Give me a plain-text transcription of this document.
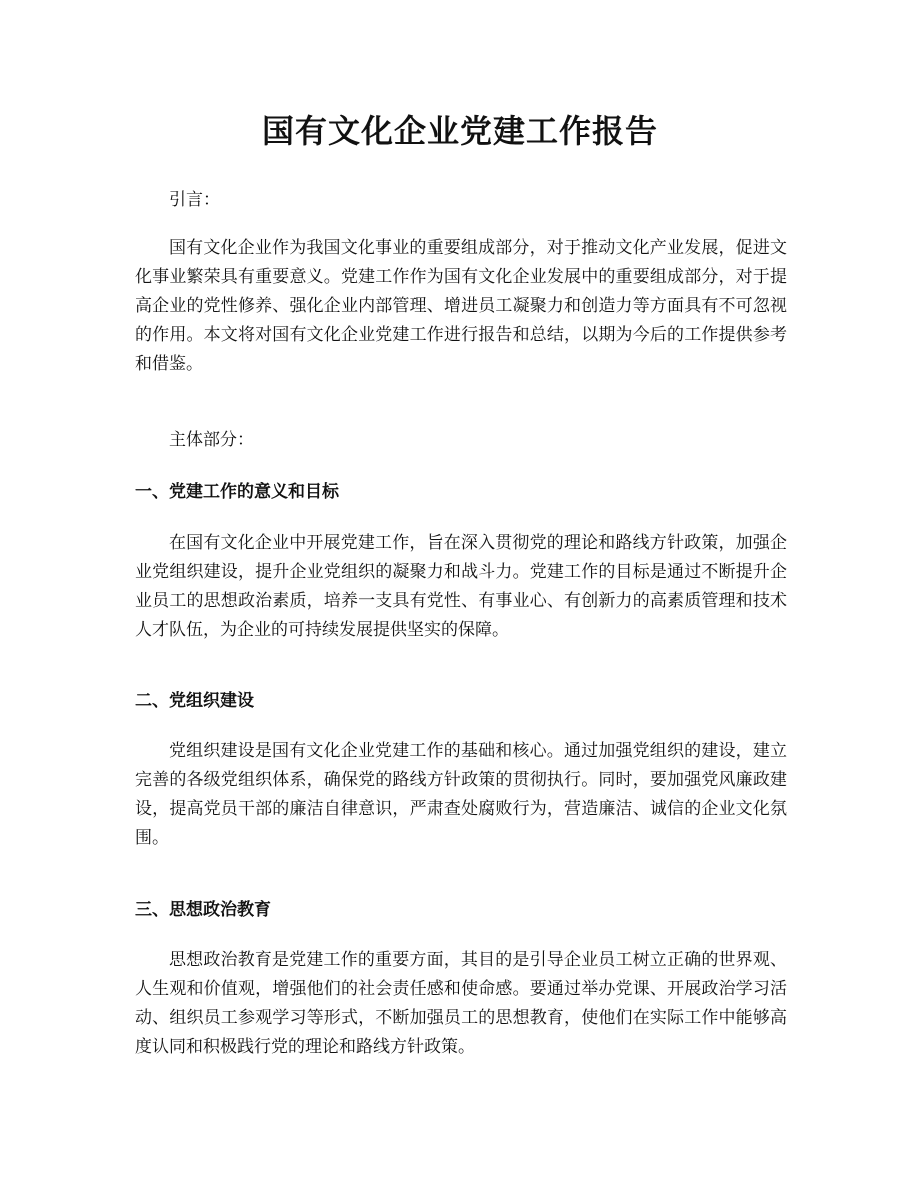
国有文化企业党建工作报告

引言：

国有文化企业作为我国文化事业的重要组成部分，对于推动文化产业发展，促进文化事业繁荣具有重要意义。党建工作作为国有文化企业发展中的重要组成部分，对于提高企业的党性修养、强化企业内部管理、增进员工凝聚力和创造力等方面具有不可忽视的作用。本文将对国有文化企业党建工作进行报告和总结，以期为今后的工作提供参考和借鉴。

主体部分：

一、党建工作的意义和目标

在国有文化企业中开展党建工作，旨在深入贯彻党的理论和路线方针政策，加强企业党组织建设，提升企业党组织的凝聚力和战斗力。党建工作的目标是通过不断提升企业员工的思想政治素质，培养一支具有党性、有事业心、有创新力的高素质管理和技术人才队伍，为企业的可持续发展提供坚实的保障。

二、党组织建设

党组织建设是国有文化企业党建工作的基础和核心。通过加强党组织的建设，建立完善的各级党组织体系，确保党的路线方针政策的贯彻执行。同时，要加强党风廉政建设，提高党员干部的廉洁自律意识，严肃查处腐败行为，营造廉洁、诚信的企业文化氛围。

三、思想政治教育

思想政治教育是党建工作的重要方面，其目的是引导企业员工树立正确的世界观、人生观和价值观，增强他们的社会责任感和使命感。要通过举办党课、开展政治学习活动、组织员工参观学习等形式，不断加强员工的思想教育，使他们在实际工作中能够高度认同和积极践行党的理论和路线方针政策。
